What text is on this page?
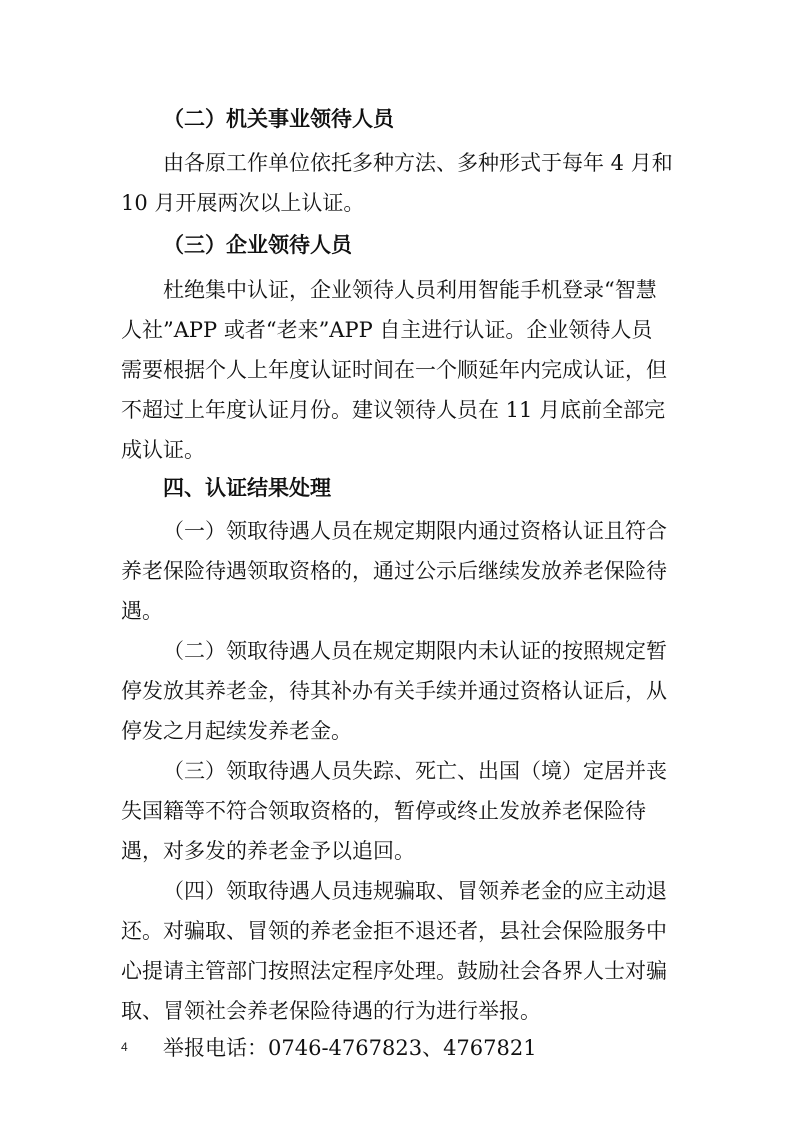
（二）机关事业领待人员
由各原工作单位依托多种方法、多种形式于每年 4 月和
10 月开展两次以上认证。
（三）企业领待人员
杜绝集中认证，企业领待人员利用智能手机登录“智慧
人社”APP 或者“老来”APP 自主进行认证。企业领待人员
需要根据个人上年度认证时间在一个顺延年内完成认证，但
不超过上年度认证月份。建议领待人员在 11 月底前全部完
成认证。
四、认证结果处理
（一）领取待遇人员在规定期限内通过资格认证且符合
养老保险待遇领取资格的，通过公示后继续发放养老保险待
遇。
（二）领取待遇人员在规定期限内未认证的按照规定暂
停发放其养老金，待其补办有关手续并通过资格认证后，从
停发之月起续发养老金。
（三）领取待遇人员失踪、死亡、出国（境）定居并丧
失国籍等不符合领取资格的，暂停或终止发放养老保险待
遇，对多发的养老金予以追回。
（四）领取待遇人员违规骗取、冒领养老金的应主动退
还。对骗取、冒领的养老金拒不退还者，县社会保险服务中
心提请主管部门按照法定程序处理。鼓励社会各界人士对骗
取、冒领社会养老保险待遇的行为进行举报。
举报电话：0746-4767823、4767821
4
